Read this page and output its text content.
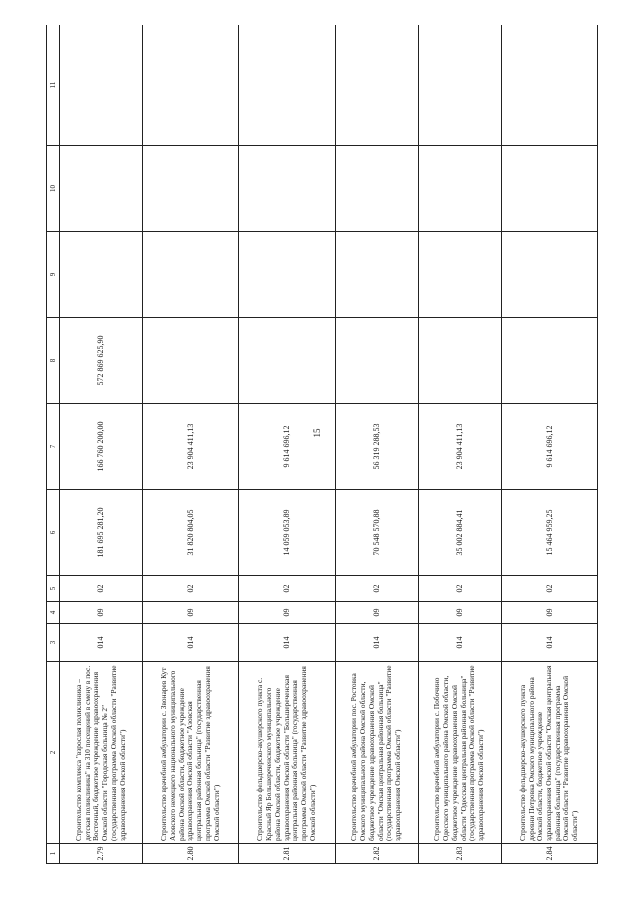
15
1	2	3	4	5	6	7	8	9	10	11
2.79	Строительство комплекса "взрослая поликлиника – детская поликлиника" на 310 посещений в смену в пос. Восточный, бюджетное учреждение здравоохранения Омской области "Городская больница № 2" (государственная программа Омской области "Развитие здравоохранения Омской области")	014	09	02	181 695 281,20	166 760 200,00	572 869 625,90			
2.80	Строительство врачебной амбулатории с. Звонарев Кут Азовского немецкого национального муниципального района Омской области, бюджетное учреждение здравоохранения Омской области "Азовская центральная районная больница" (государственная программа Омской области "Развитие здравоохранения Омской области")	014	09	02	31 820 804,05	23 904 411,13				
2.81	Строительство фельдшерско-акушерского пункта с. Красный Яр Большереченского муниципального района Омской области, бюджетное учреждение здравоохранения Омской области "Большереченская центральная районная больница" (государственная программа Омской области "Развитие здравоохранения Омской области")	014	09	02	14 059 053,89	9 614 696,12				
2.82	Строительство врачебной амбулатории пос. Ростовка Омского муниципального района Омской области, бюджетное учреждение здравоохранения Омской области "Омская центральная районная больница" (государственная программа Омской области "Развитие здравоохранения Омской области")	014	09	02	70 548 570,88	56 319 288,53				
2.83	Строительство врачебной амбулатории с. Побочино Одесского муниципального района Омской области, бюджетное учреждение здравоохранения Омской области "Одесская центральная районная больница" (государственная программа Омской области "Развитие здравоохранения Омской области")	014	09	02	35 002 884,41	23 904 411,13				
2.84	Строительство фельдшерско-акушерского пункта деревни Петровка Омского муниципального района Омской области, бюджетное учреждение здравоохранения Омской области "Омская центральная районная больница" (государственная программа Омской области "Развитие здравоохранения Омской области")	014	09	02	15 464 959,25	9 614 696,12				
